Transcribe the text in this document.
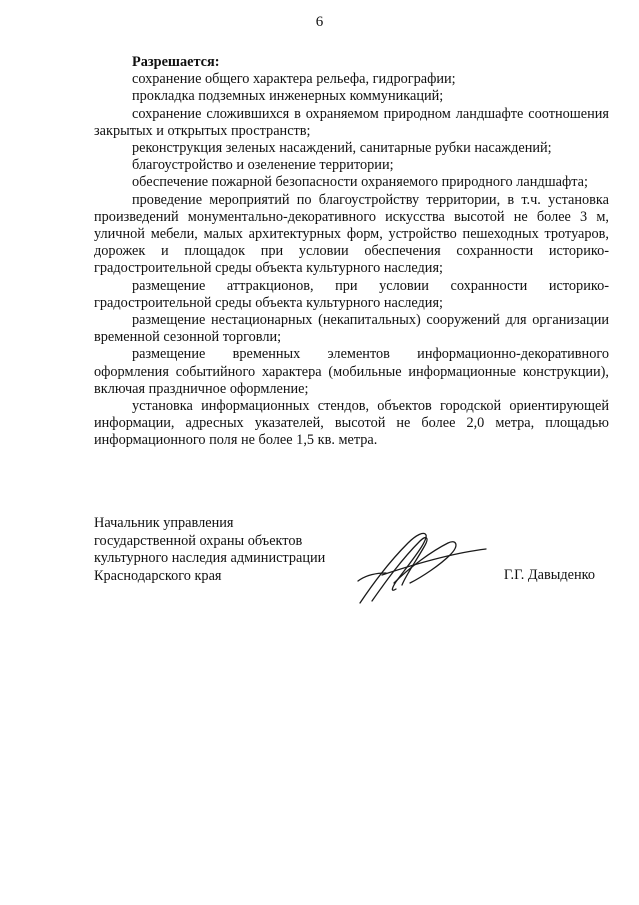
6
Разрешается:

сохранение общего характера рельефа, гидрографии;

прокладка подземных инженерных коммуникаций;

сохранение сложившихся в охраняемом природном ландшафте соотношения закрытых и открытых пространств;

реконструкция зеленых насаждений, санитарные рубки насаждений;

благоустройство и озеленение территории;

обеспечение пожарной безопасности охраняемого природного ландшафта;

проведение мероприятий по благоустройству территории, в т.ч. установка произведений монументально-декоративного искусства высотой не более 3 м, уличной мебели, малых архитектурных форм, устройство пешеходных тротуаров, дорожек и площадок при условии обеспечения сохранности историко-градостроительной среды объекта культурного наследия;

размещение аттракционов, при условии сохранности историко-градостроительной среды объекта культурного наследия;

размещение нестационарных (некапитальных) сооружений для организации временной сезонной торговли;

размещение временных элементов информационно-декоративного оформления событийного характера (мобильные информационные конструкции), включая праздничное оформление;

установка информационных стендов, объектов городской ориентирующей информации, адресных указателей, высотой не более 2,0 метра, площадью информационного поля не более 1,5 кв. метра.

Начальник управления
государственной охраны объектов
культурного наследия администрации
Краснодарского края	Г.Г. Давыденко
